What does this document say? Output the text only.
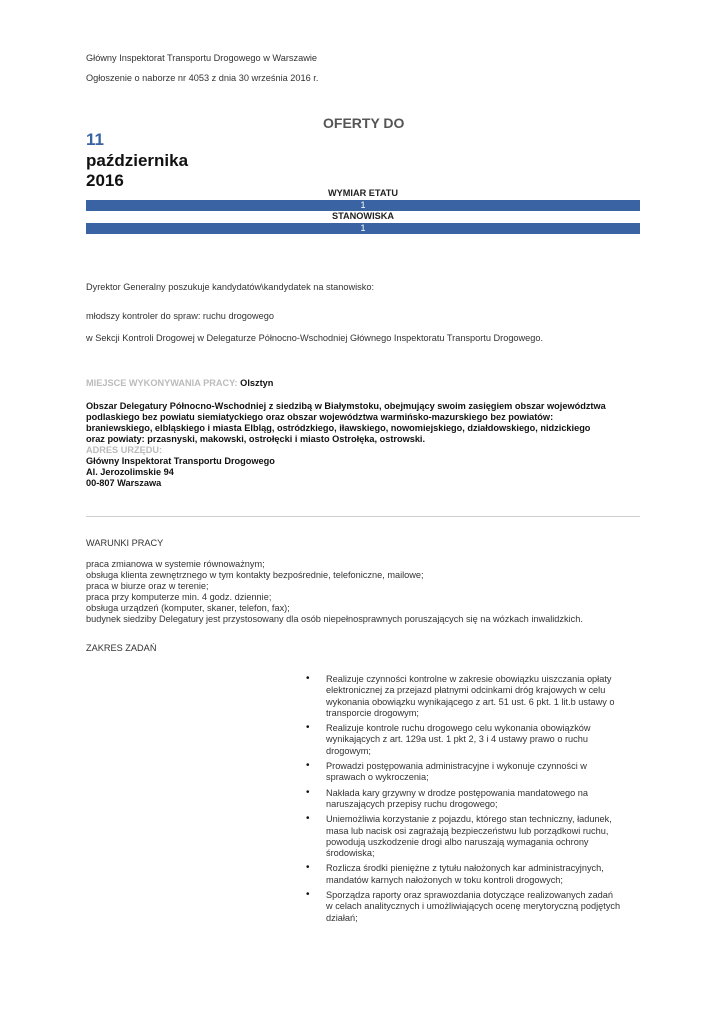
Główny Inspektorat Transportu Drogowego w Warszawie
Ogłoszenie o naborze nr 4053 z dnia 30 września 2016 r.
OFERTY DO
11
października
2016
WYMIAR ETATU
1
STANOWISKA
1
Dyrektor Generalny poszukuje kandydatów\kandydatek na stanowisko:
młodszy kontroler do spraw: ruchu drogowego
w Sekcji Kontroli Drogowej w Delegaturze Północno-Wschodniej Głównego Inspektoratu Transportu Drogowego.
MIEJSCE WYKONYWANIA PRACY: Olsztyn
Obszar Delegatury Północno-Wschodniej z siedzibą w Białymstoku, obejmujący swoim zasięgiem obszar województwa
podlaskiego bez powiatu siemiatyckiego oraz obszar województwa warmińsko-mazurskiego bez powiatów:
braniewskiego, elbląskiego i miasta Elbląg, ostródzkiego, iławskiego, nowomiejskiego, działdowskiego, nidzickiego
oraz powiaty: przasnyski, makowski, ostrołęcki i miasto Ostrołęka, ostrowski.
ADRES URZĘDU:
Główny Inspektorat Transportu Drogowego
Al. Jerozolimskie 94
00-807 Warszawa
WARUNKI PRACY
praca zmianowa w systemie równoważnym;
obsługa klienta zewnętrznego w tym kontakty bezpośrednie, telefoniczne, mailowe;
praca w biurze oraz w terenie;
praca przy komputerze min. 4 godz. dziennie;
obsługa urządzeń (komputer, skaner, telefon, fax);
budynek siedziby Delegatury jest przystosowany dla osób niepełnosprawnych poruszających się na wózkach inwalidzkich.
ZAKRES ZADAŃ
• Realizuje czynności kontrolne w zakresie obowiązku uiszczania opłaty
elektronicznej za przejazd płatnymi odcinkami dróg krajowych w celu
wykonania obowiązku wynikającego z art. 51 ust. 6 pkt. 1 lit.b ustawy o
transporcie drogowym;
• Realizuje kontrole ruchu drogowego celu wykonania obowiązków
wynikających z art. 129a ust. 1 pkt 2, 3 i 4 ustawy prawo o ruchu
drogowym;
• Prowadzi postępowania administracyjne i wykonuje czynności w
sprawach o wykroczenia;
• Nakłada kary grzywny w drodze postępowania mandatowego na
naruszających przepisy ruchu drogowego;
• Uniemożliwia korzystanie z pojazdu, którego stan techniczny, ładunek,
masa lub nacisk osi zagrażają bezpieczeństwu lub porządkowi ruchu,
powodują uszkodzenie drogi albo naruszają wymagania ochrony
środowiska;
• Rozlicza środki pieniężne z tytułu nałożonych kar administracyjnych,
mandatów karnych nałożonych w toku kontroli drogowych;
• Sporządza raporty oraz sprawozdania dotyczące realizowanych zadań
w celach analitycznych i umożliwiających ocenę merytoryczną podjętych
działań;
